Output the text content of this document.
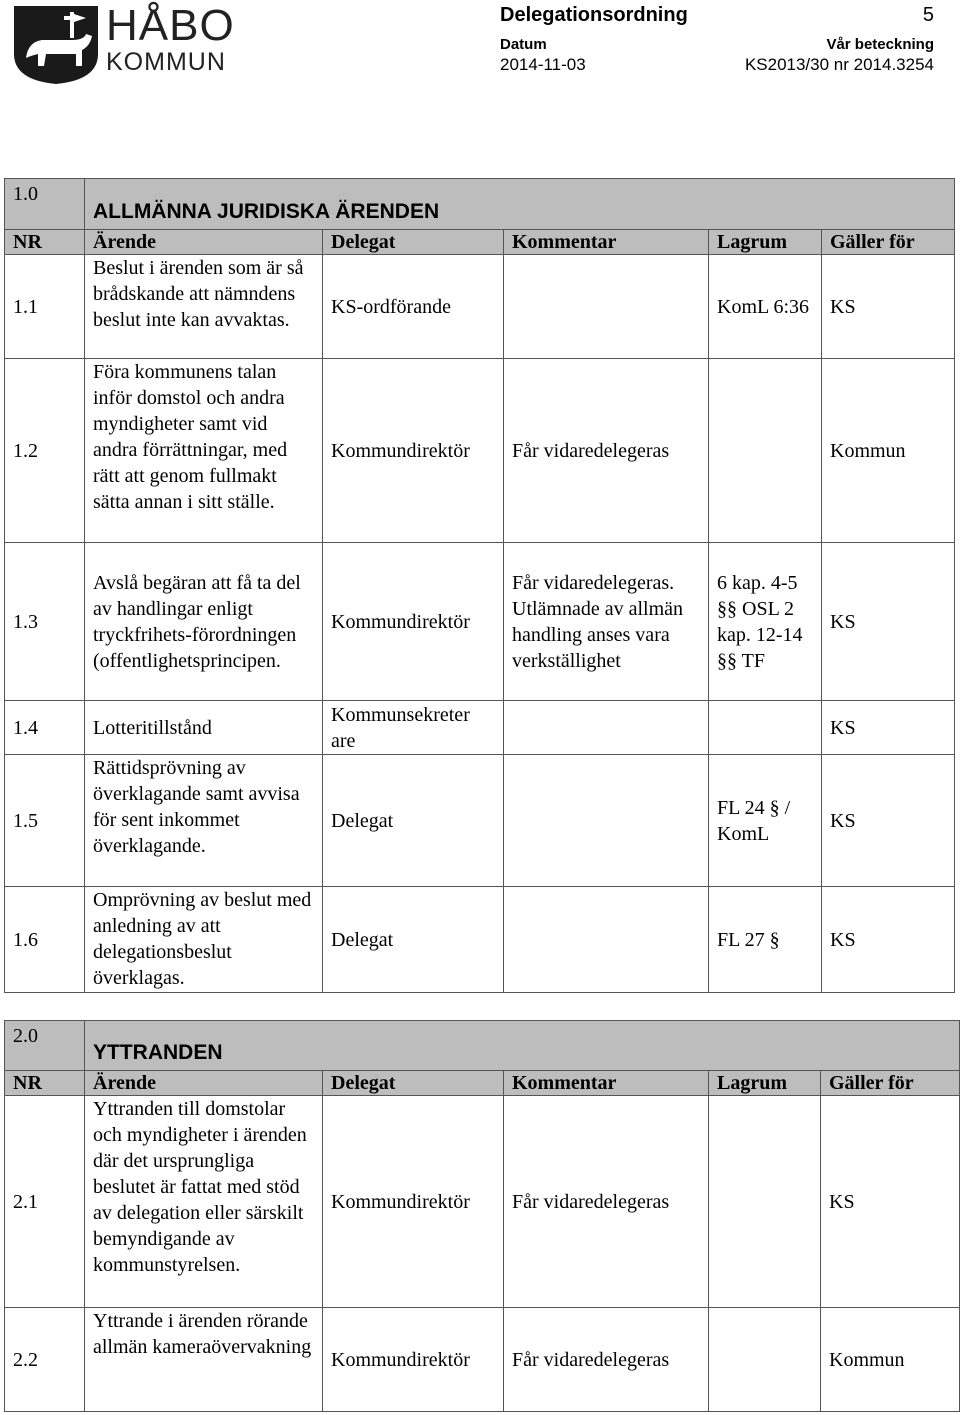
HÅBO
KOMMUN
Delegationsordning	5
Datum	Vår beteckning
2014-11-03	KS2013/30 nr 2014.3254
1.0	ALLMÄNNA JURIDISKA ÄRENDEN				
NR	Ärende	Delegat	Kommentar	Lagrum	Gäller för
1.1	Beslut i ärenden som är så brådskande att nämndens beslut inte kan avvaktas.	KS-ordförande		KomL 6:36	KS
1.2	Föra kommunens talan inför domstol och andra myndigheter samt vid andra förrättningar, med rätt att genom fullmakt sätta annan i sitt ställe.	Kommundirektör	Får vidaredelegeras		Kommun
1.3	Avslå begäran att få ta del av handlingar enligt tryckfrihets-förordningen (offentlighetsprincipen.	Kommundirektör	Får vidaredelegeras. Utlämnade av allmän handling anses vara verkställighet	6 kap. 4-5 §§ OSL 2 kap. 12-14 §§ TF	KS
1.4	Lotteritillstånd	Kommunsekreter are			KS
1.5	Rättidsprövning av överklagande samt avvisa för sent inkommet överklagande.	Delegat		FL 24 § / KomL	KS
1.6	Omprövning av beslut med anledning av att delegationsbeslut överklagas.	Delegat		FL 27 §	KS
2.0	YTTRANDEN				
NR	Ärende	Delegat	Kommentar	Lagrum	Gäller för
2.1	Yttranden till domstolar och myndigheter i ärenden där det ursprungliga beslutet är fattat med stöd av delegation eller särskilt bemyndigande av kommunstyrelsen.	Kommundirektör	Får vidaredelegeras		KS
2.2	Yttrande i ärenden rörande allmän kameraövervakning	Kommundirektör	Får vidaredelegeras		Kommun
